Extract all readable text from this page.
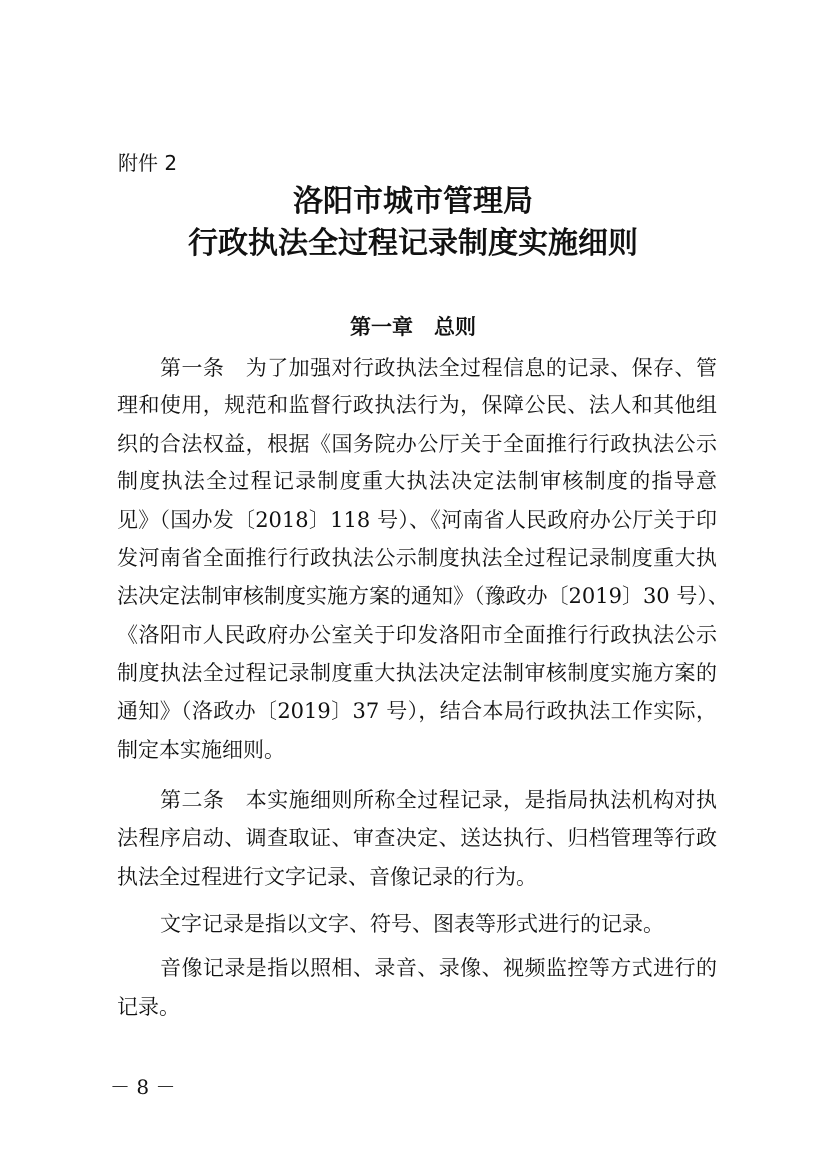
附件 2
洛阳市城市管理局
行政执法全过程记录制度实施细则
第一章　总则
第一条　为了加强对行政执法全过程信息的记录、保存、管
理和使用，规范和监督行政执法行为，保障公民、法人和其他组
织的合法权益，根据《国务院办公厅关于全面推行行政执法公示
制度执法全过程记录制度重大执法决定法制审核制度的指导意
见》（国办发〔2018〕118 号）、《河南省人民政府办公厅关于印
发河南省全面推行行政执法公示制度执法全过程记录制度重大执
法决定法制审核制度实施方案的通知》（豫政办〔2019〕30 号）、
《洛阳市人民政府办公室关于印发洛阳市全面推行行政执法公示
制度执法全过程记录制度重大执法决定法制审核制度实施方案的
通知》（洛政办〔2019〕37 号），结合本局行政执法工作实际，
制定本实施细则。
第二条　本实施细则所称全过程记录，是指局执法机构对执
法程序启动、调查取证、审查决定、送达执行、归档管理等行政
执法全过程进行文字记录、音像记录的行为。
文字记录是指以文字、符号、图表等形式进行的记录。
音像记录是指以照相、录音、录像、视频监控等方式进行的
记录。
－ 8 －
